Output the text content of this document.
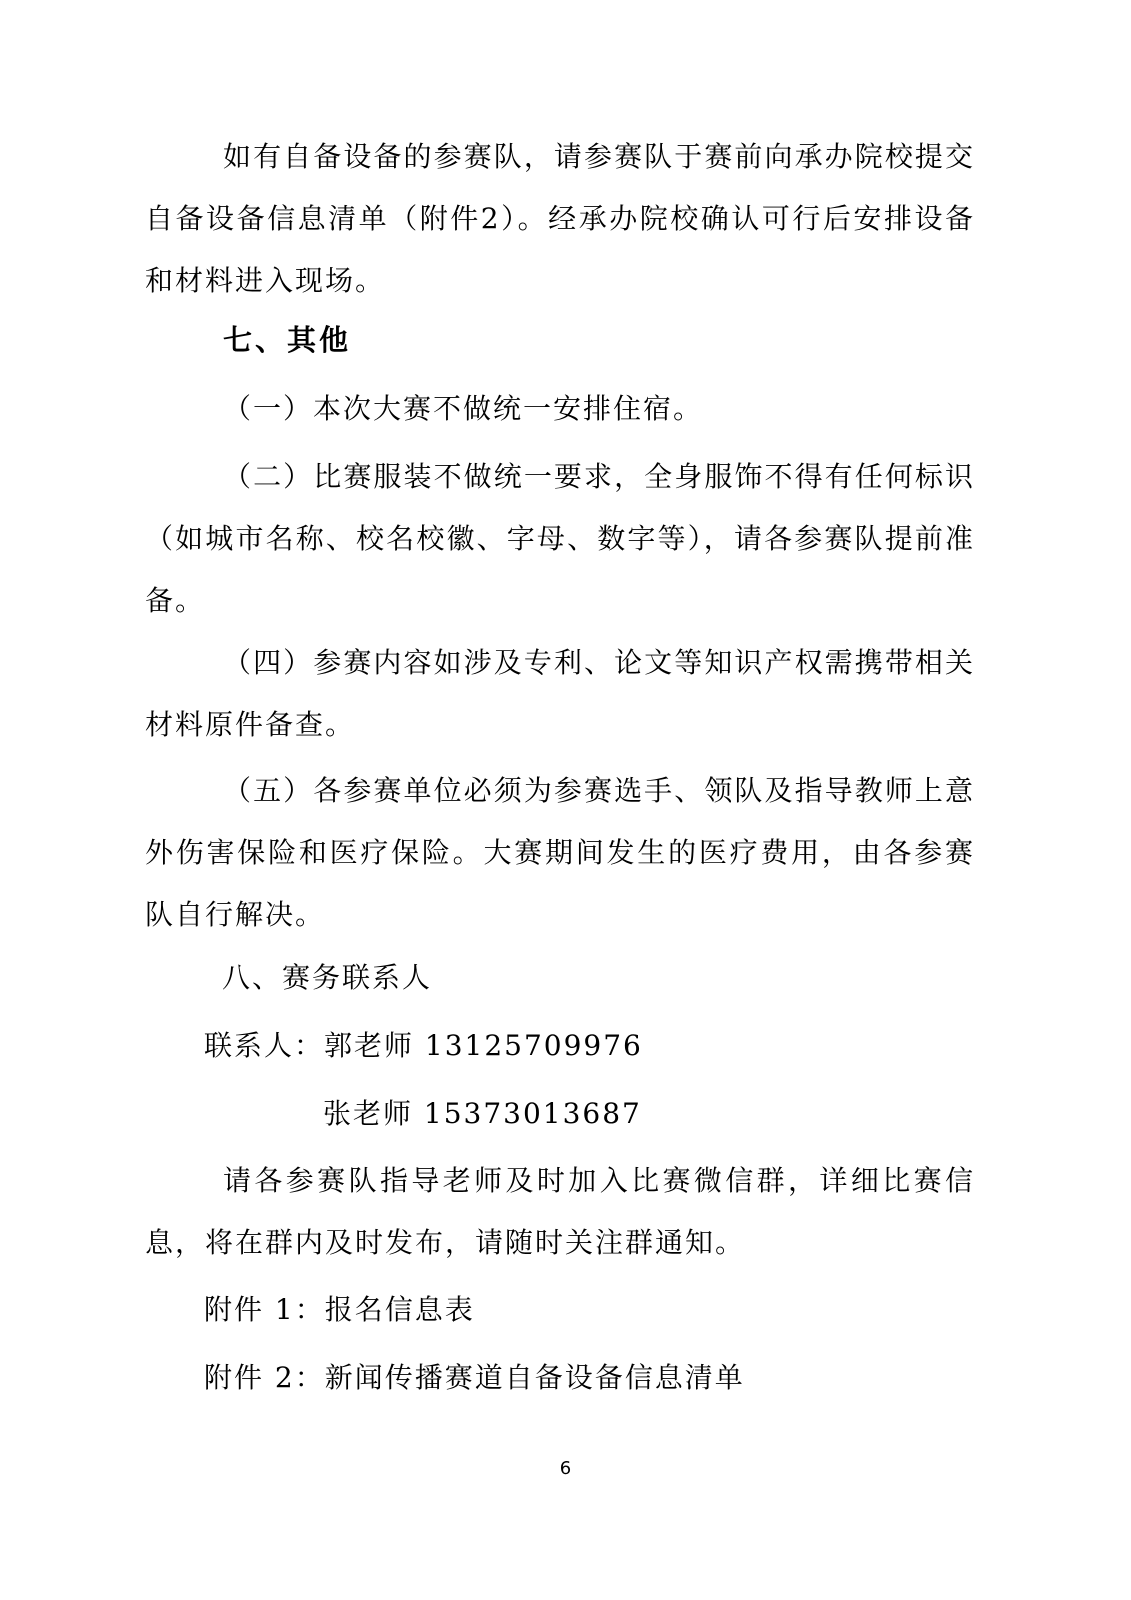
如有自备设备的参赛队，请参赛队于赛前向承办院校提交自备设备信息清单（附件2）。经承办院校确认可行后安排设备和材料进入现场。

七、其他

（一）本次大赛不做统一安排住宿。

（二）比赛服装不做统一要求，全身服饰不得有任何标识（如城市名称、校名校徽、字母、数字等），请各参赛队提前准备。

（四）参赛内容如涉及专利、论文等知识产权需携带相关材料原件备查。

（五）各参赛单位必须为参赛选手、领队及指导教师上意外伤害保险和医疗保险。大赛期间发生的医疗费用，由各参赛队自行解决。

八、赛务联系人

联系人：郭老师 13125709976

张老师 15373013687

请各参赛队指导老师及时加入比赛微信群，详细比赛信息，将在群内及时发布，请随时关注群通知。

附件 1：报名信息表

附件 2：新闻传播赛道自备设备信息清单

6
